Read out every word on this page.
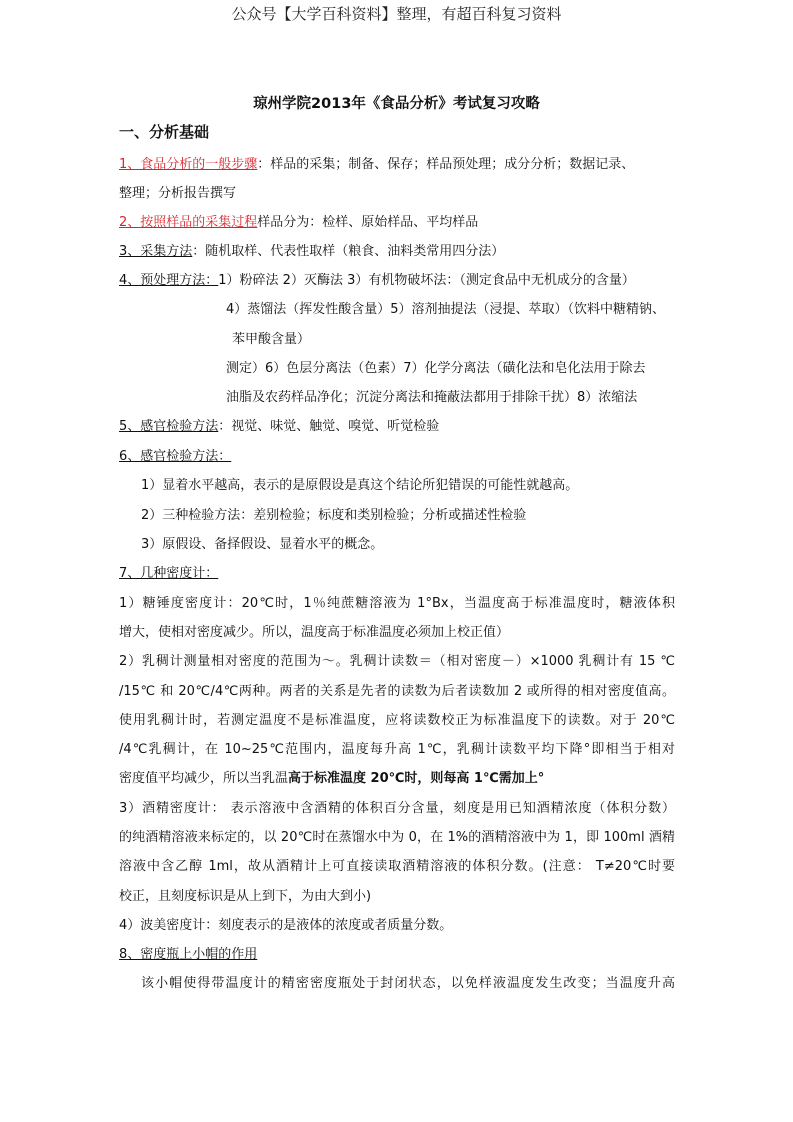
公众号【大学百科资料】整理，有超百科复习资料
琼州学院2013年《食品分析》考试复习攻略
一、分析基础
1、食品分析的一般步骤：样品的采集；制备、保存；样品预处理；成分分析；数据记录、
整理；分析报告撰写
2、按照样品的采集过程样品分为：检样、原始样品、平均样品
3、采集方法：随机取样、代表性取样（粮食、油料类常用四分法）
4、预处理方法：1）粉碎法 2）灭酶法 3）有机物破坏法：（测定食品中无机成分的含量）
4）蒸馏法（挥发性酸含量）5）溶剂抽提法（浸提、萃取）（饮料中糖精钠、
苯甲酸含量）
测定）6）色层分离法（色素）7）化学分离法（磺化法和皂化法用于除去
油脂及农药样品净化；沉淀分离法和掩蔽法都用于排除干扰）8）浓缩法
5、感官检验方法：视觉、味觉、触觉、嗅觉、听觉检验
6、感官检验方法：
1）显着水平越高，表示的是原假设是真这个结论所犯错误的可能性就越高。
2）三种检验方法：差别检验；标度和类别检验；分析或描述性检验
3）原假设、备择假设、显着水平的概念。
7、几种密度计：
1）糖锤度密度计：20℃时，1％纯蔗糖溶液为 1°Bx，当温度高于标准温度时，糖液体积
增大，使相对密度减少。所以，温度高于标准温度必须加上校正值）
2）乳稠计测量相对密度的范围为～。乳稠计读数＝（相对密度－）×1000 乳稠计有 15 ℃
/15℃ 和 20℃/4℃两种。两者的关系是先者的读数为后者读数加 2 或所得的相对密度值高。
使用乳稠计时，若测定温度不是标准温度，应将读数校正为标准温度下的读数。对于 20℃
/4℃乳稠计，在 10~25℃范围内，温度每升高 1℃，乳稠计读数平均下降°即相当于相对
密度值平均减少，所以当乳温高于标准温度 20℃时，则每高 1℃需加上°
3）酒精密度计： 表示溶液中含酒精的体积百分含量，刻度是用已知酒精浓度（体积分数）
的纯酒精溶液来标定的，以 20℃时在蒸馏水中为 0，在 1%的酒精溶液中为 1，即 100ml 酒精
溶液中含乙醇 1ml，故从酒精计上可直接读取酒精溶液的体积分数。(注意： T≠20℃时要
校正，且刻度标识是从上到下，为由大到小)
4）波美密度计：刻度表示的是液体的浓度或者质量分数。
8、密度瓶上小帽的作用
该小帽使得带温度计的精密密度瓶处于封闭状态，以免样液温度发生改变；当温度升高
